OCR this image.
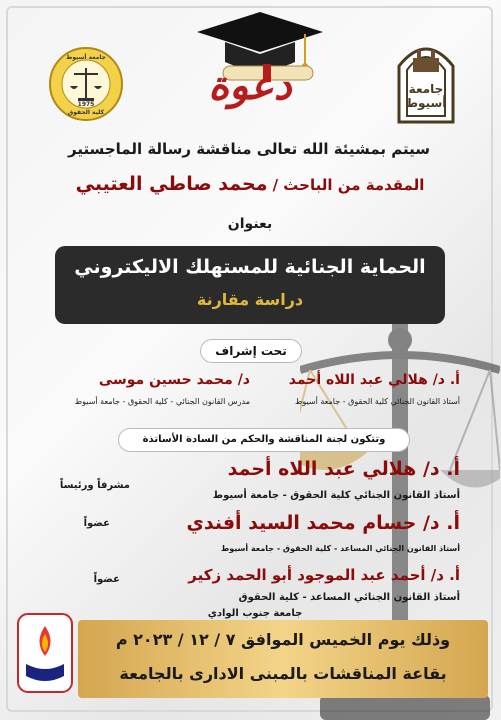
جامعة أسيوط
1975
كلية الحقوق
جامعة أسيوط
دعوة
سيتم بمشيئة الله تعالى مناقشة رسالة الماجستير
المقدمة من الباحث / محمد صاطي العتيبي
بعنوان
الحماية الجنائية للمستهلك الاليكتروني
دراسة مقارنة
تحت إشراف
أ. د/ هلالي عبد اللاه أحمد
أستاذ القانون الجنائي كلية الحقوق - جامعة أسيوط
د/ محمد حسين موسى
مدرس القانون الجنائي - كلية الحقوق - جامعة أسيوط
وتتكون لجنة المناقشة والحكم من السادة الأساتذة
أ. د/ هلالي عبد اللاه أحمد
أستاذ القانون الجنائي كلية الحقوق - جامعة أسيوط
مشرفاً ورئيساً
أ. د/ حسام محمد السيد أفندي
أستاذ القانون الجنائي المساعد - كلية الحقوق - جامعة أسيوط
عضواً
أ. د/ أحمد عبد الموجود أبو الحمد زكير
أستاذ القانون الجنائي المساعد - كلية الحقوق
جامعة جنوب الوادي
عضواً
وذلك يوم الخميس الموافق ٧ / ١٢ / ٢٠٢٣ م
بقاعة المناقشات بالمبنى الادارى بالجامعة
